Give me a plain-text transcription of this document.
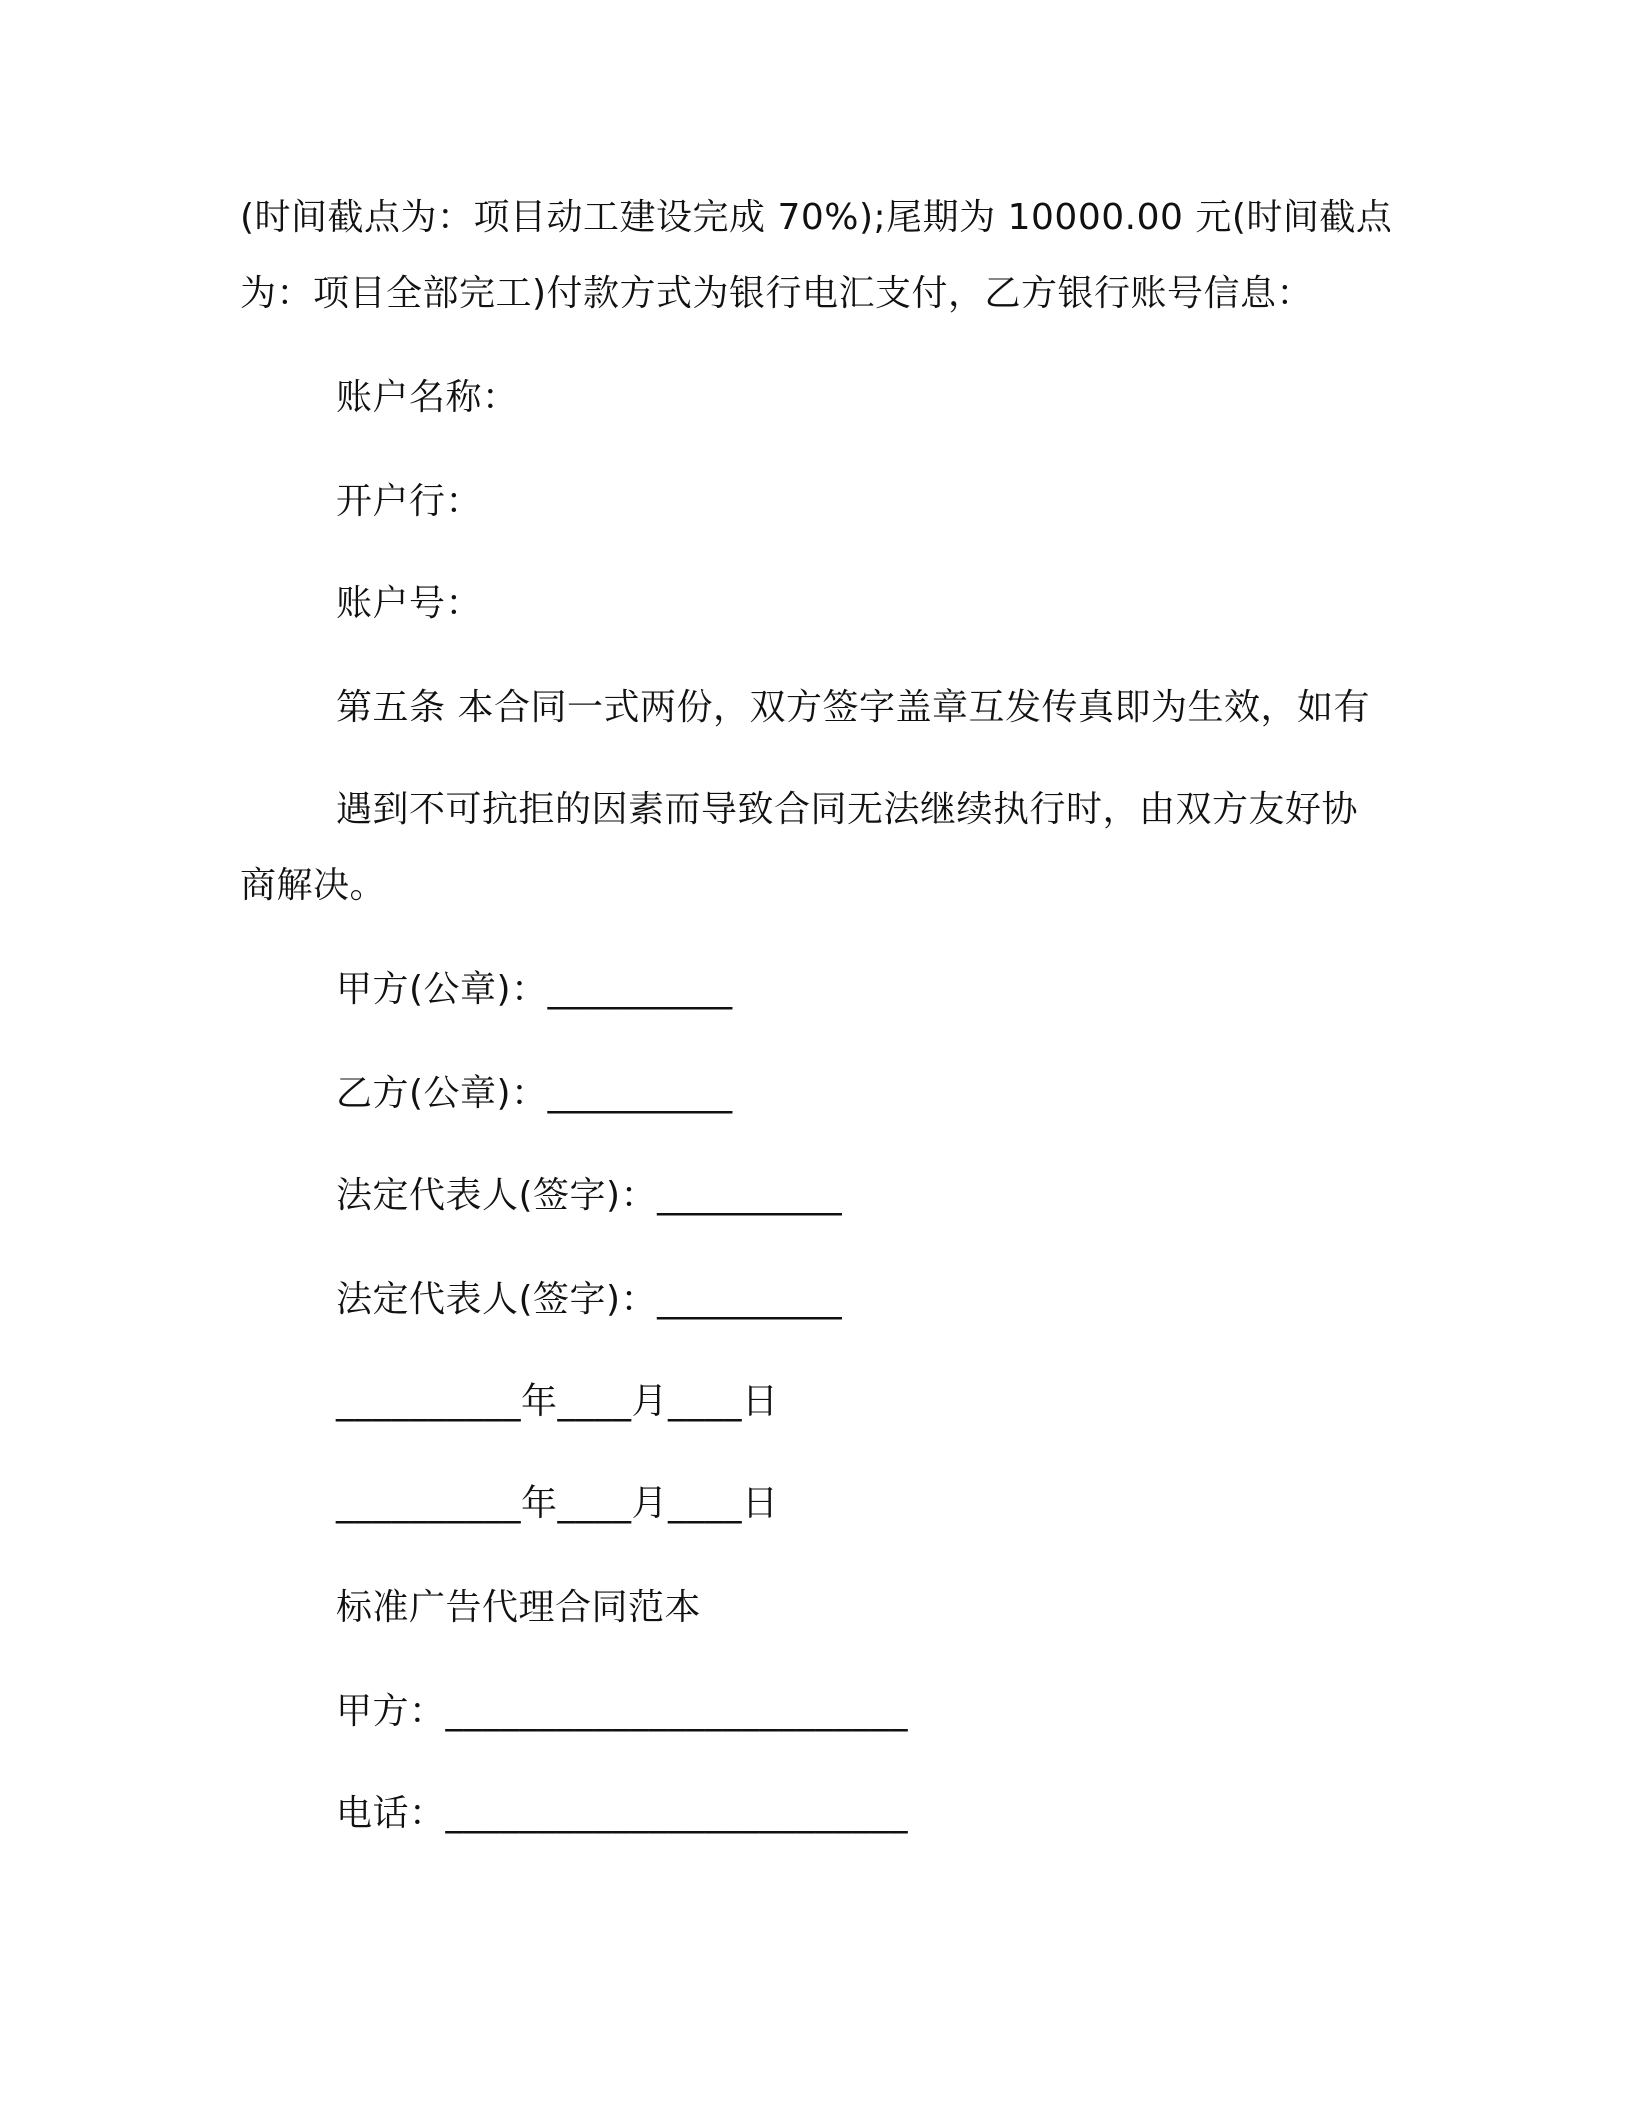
(时间截点为：项目动工建设完成 70%);尾期为 10000.00 元(时间截点
为：项目全部完工)付款方式为银行电汇支付，乙方银行账号信息：
账户名称：
开户行：
账户号：
第五条 本合同一式两份，双方签字盖章互发传真即为生效，如有
遇到不可抗拒的因素而导致合同无法继续执行时，由双方友好协
商解决。
甲方(公章)：__________
乙方(公章)：__________
法定代表人(签字)：__________
法定代表人(签字)：__________
__________年____月____日
__________年____月____日
标准广告代理合同范本
甲方：_________________________
电话：_________________________
